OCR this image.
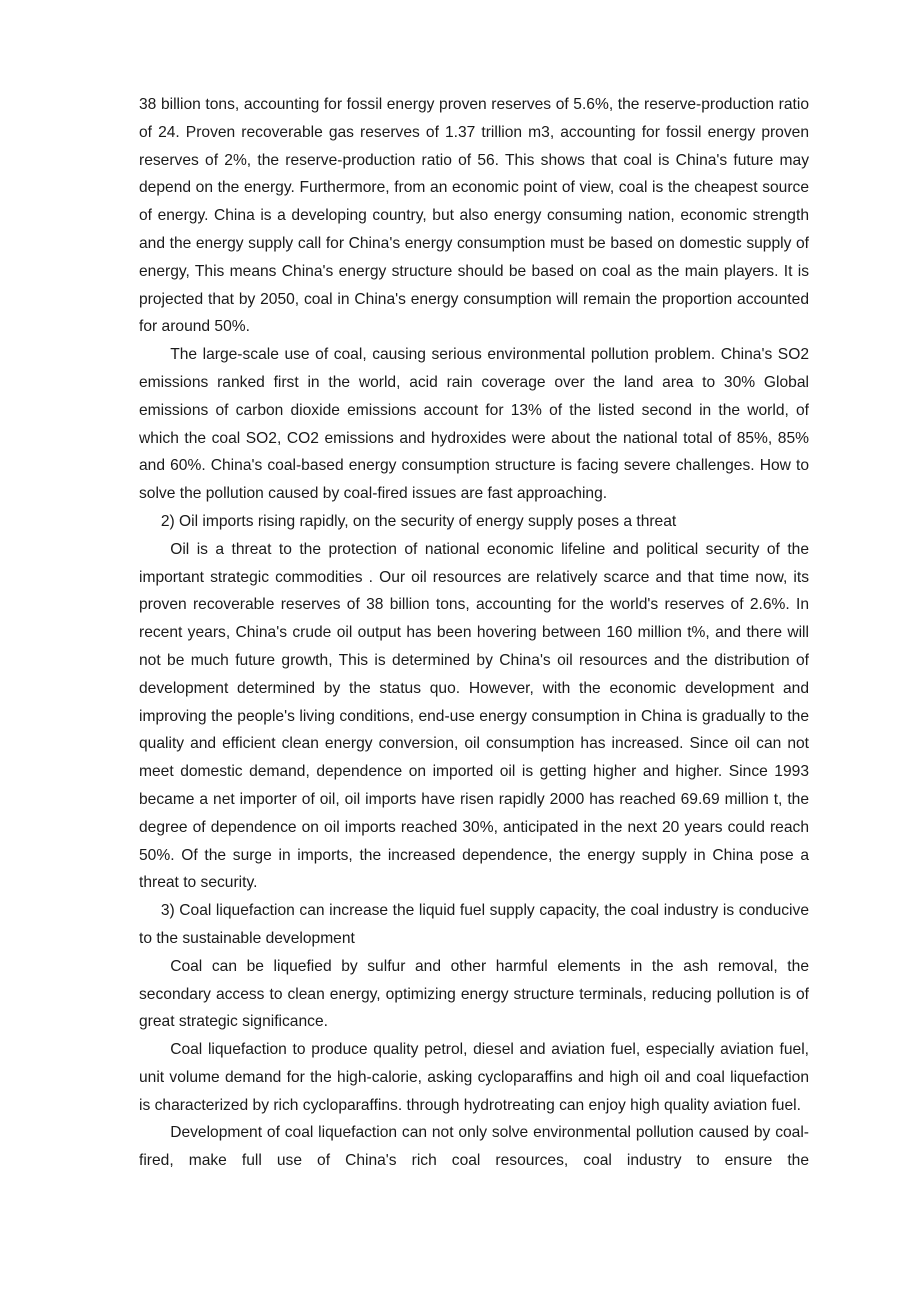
38 billion tons, accounting for fossil energy proven reserves of 5.6%, the reserve-production ratio of 24. Proven recoverable gas reserves of 1.37 trillion m3, accounting for fossil energy proven reserves of 2%, the reserve-production ratio of 56. This shows that coal is China's future may depend on the energy. Furthermore, from an economic point of view, coal is the cheapest source of energy. China is a developing country, but also energy consuming nation, economic strength and the energy supply call for China's energy consumption must be based on domestic supply of energy, This means China's energy structure should be based on coal as the main players. It is projected that by 2050, coal in China's energy consumption will remain the proportion accounted for around 50%.

The large-scale use of coal, causing serious environmental pollution problem. China's SO2 emissions ranked first in the world, acid rain coverage over the land area to 30% Global emissions of carbon dioxide emissions account for 13% of the listed second in the world, of which the coal SO2, CO2 emissions and hydroxides were about the national total of 85%, 85% and 60%. China's coal-based energy consumption structure is facing severe challenges. How to solve the pollution caused by coal-fired issues are fast approaching.

2) Oil imports rising rapidly, on the security of energy supply poses a threat

Oil is a threat to the protection of national economic lifeline and political security of the important strategic commodities . Our oil resources are relatively scarce and that time now, its proven recoverable reserves of 38 billion tons, accounting for the world's reserves of 2.6%. In recent years, China's crude oil output has been hovering between 160 million t%, and there will not be much future growth, This is determined by China's oil resources and the distribution of development determined by the status quo. However, with the economic development and improving the people's living conditions, end-use energy consumption in China is gradually to the quality and efficient clean energy conversion, oil consumption has increased. Since oil can not meet domestic demand, dependence on imported oil is getting higher and higher. Since 1993 became a net importer of oil, oil imports have risen rapidly 2000 has reached 69.69 million t, the degree of dependence on oil imports reached 30%, anticipated in the next 20 years could reach 50%. Of the surge in imports, the increased dependence, the energy supply in China pose a threat to security.

3) Coal liquefaction can increase the liquid fuel supply capacity, the coal industry is conducive to the sustainable development

Coal can be liquefied by sulfur and other harmful elements in the ash removal, the secondary access to clean energy, optimizing energy structure terminals, reducing pollution is of great strategic significance.

Coal liquefaction to produce quality petrol, diesel and aviation fuel, especially aviation fuel, unit volume demand for the high-calorie, asking cycloparaffins and high oil and coal liquefaction is characterized by rich cycloparaffins. through hydrotreating can enjoy high quality aviation fuel.

Development of coal liquefaction can not only solve environmental pollution caused by coal-fired, make full use of China's rich coal resources, coal industry to ensure the
